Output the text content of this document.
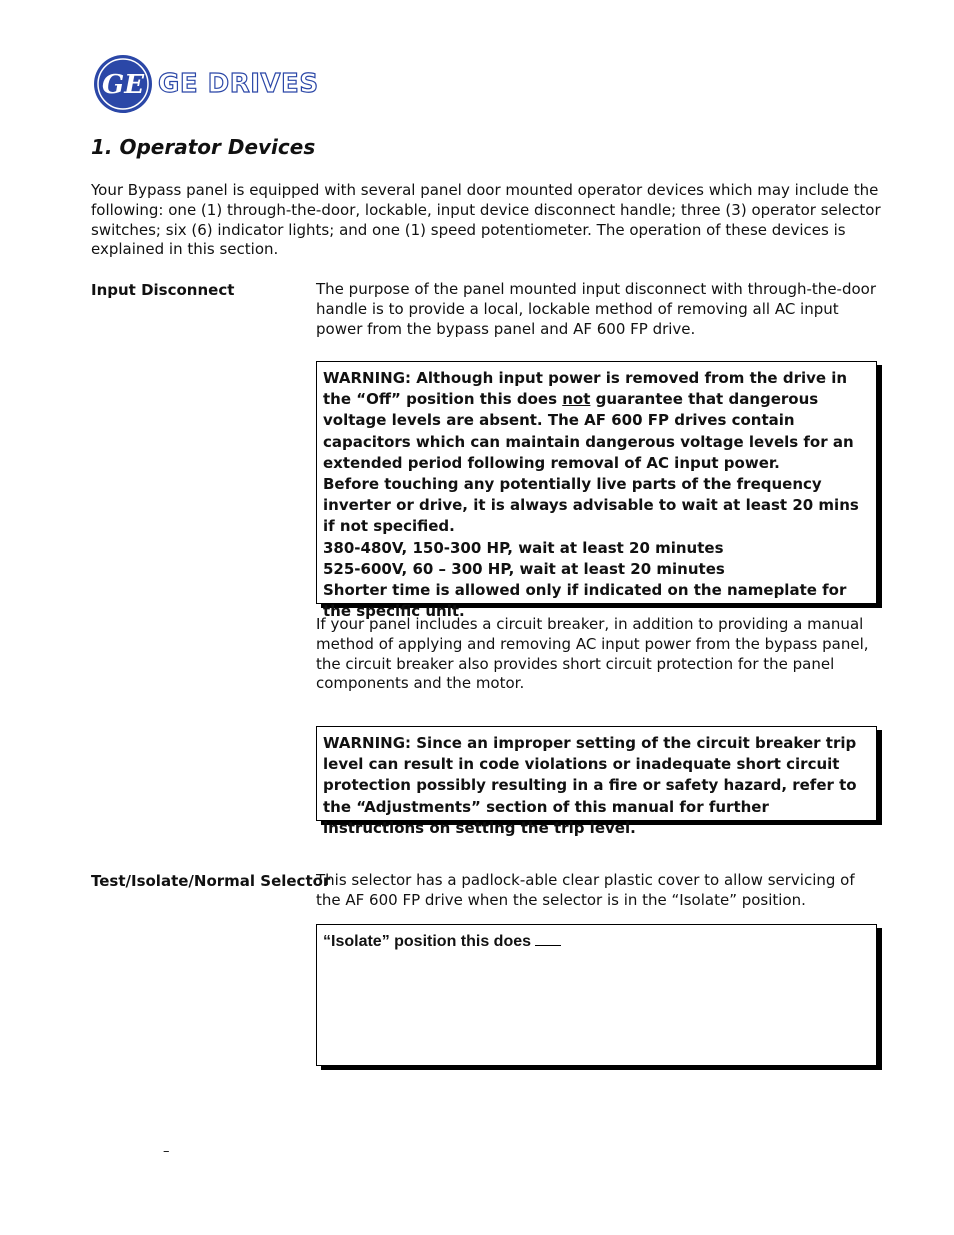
GE GE DRIVES
1. Operator Devices

Your Bypass panel is equipped with several panel door mounted operator devices which may include the following: one (1) through-the-door, lockable, input device disconnect handle; three (3) operator selector switches; six (6) indicator lights; and one (1) speed potentiometer. The operation of these devices is explained in this section.

Input Disconnect	The purpose of the panel mounted input disconnect with through-the-door handle is to provide a local, lockable method of removing all AC input power from the bypass panel and AF 600 FP drive.

WARNING: Although input power is removed from the drive in the “Off” position this does not guarantee that dangerous voltage levels are absent. The AF 600 FP drives contain capacitors which can maintain dangerous voltage levels for an extended period following removal of AC input power.

Before touching any potentially live parts of the frequency inverter or drive, it is always advisable to wait at least 20 mins if not specified.

380-480V, 150-300 HP, wait at least 20 minutes

525-600V, 60 – 300 HP, wait at least 20 minutes

Shorter time is allowed only if indicated on the nameplate for the specific unit.

If your panel includes a circuit breaker, in addition to providing a manual method of applying and removing AC input power from the bypass panel, the circuit breaker also provides short circuit protection for the panel components and the motor.

WARNING: Since an improper setting of the circuit breaker trip level can result in code violations or inadequate short circuit protection possibly resulting in a fire or safety hazard, refer to the “Adjustments” section of this manual for further instructions on setting the trip level.

Test/Isolate/Normal Selector

This selector has a padlock-able clear plastic cover to allow servicing of the AF 600 FP drive when the selector is in the “Isolate” position.

“Isolate” position this does

–
